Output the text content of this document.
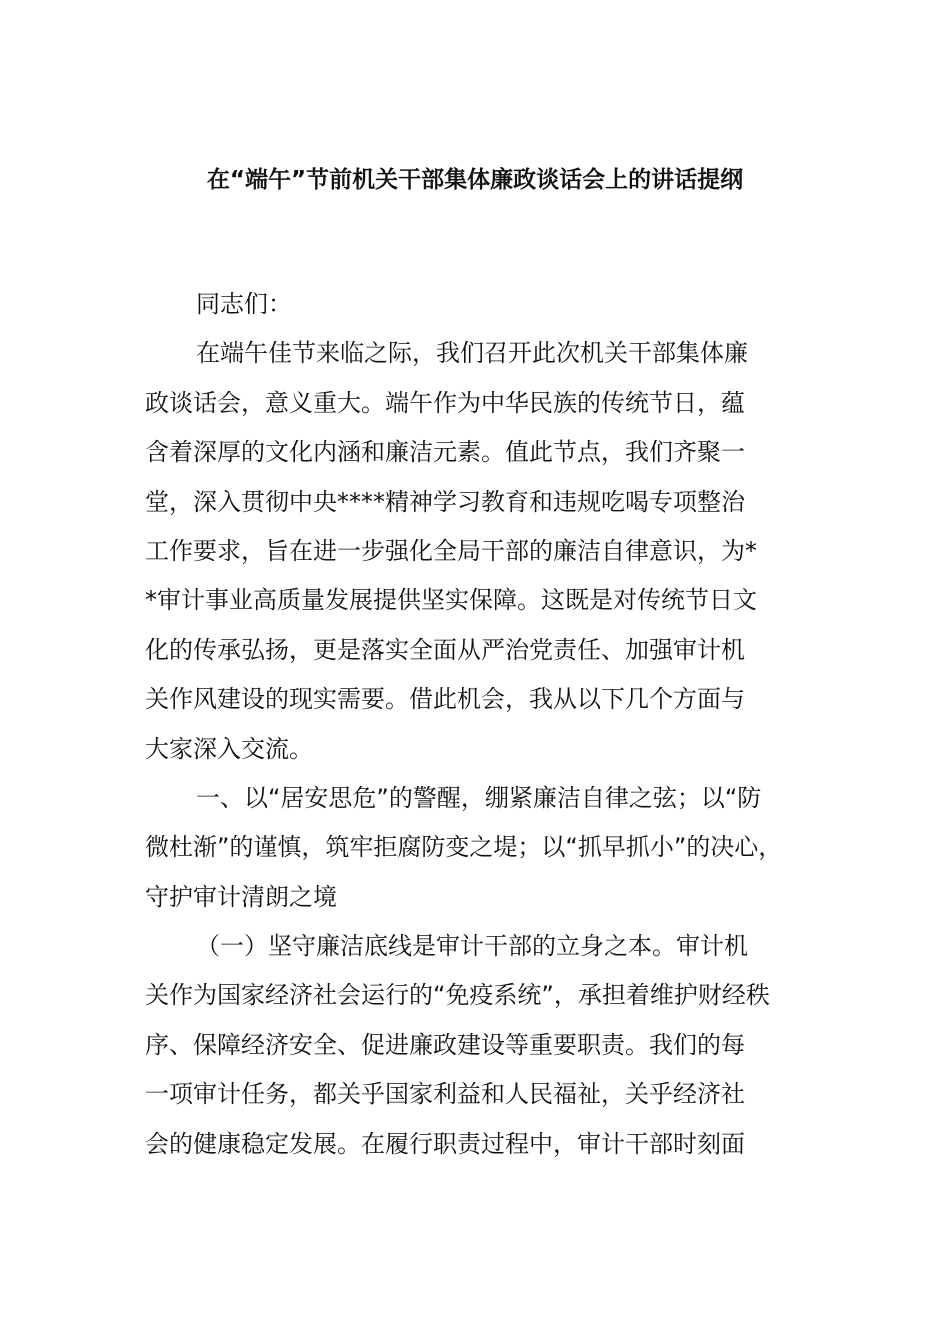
在“端午”节前机关干部集体廉政谈话会上的讲话提纲

同志们：

在端午佳节来临之际，我们召开此次机关干部集体廉

政谈话会，意义重大。端午作为中华民族的传统节日，蕴

含着深厚的文化内涵和廉洁元素。值此节点，我们齐聚一

堂，深入贯彻中央****精神学习教育和违规吃喝专项整治

工作要求，旨在进一步强化全局干部的廉洁自律意识，为*

*审计事业高质量发展提供坚实保障。这既是对传统节日文

化的传承弘扬，更是落实全面从严治党责任、加强审计机

关作风建设的现实需要。借此机会，我从以下几个方面与

大家深入交流。

一、以“居安思危”的警醒，绷紧廉洁自律之弦；以“防

微杜渐”的谨慎，筑牢拒腐防变之堤；以“抓早抓小”的决心，

守护审计清朗之境

（一）坚守廉洁底线是审计干部的立身之本。审计机

关作为国家经济社会运行的“免疫系统”，承担着维护财经秩

序、保障经济安全、促进廉政建设等重要职责。我们的每

一项审计任务，都关乎国家利益和人民福祉，关乎经济社

会的健康稳定发展。在履行职责过程中，审计干部时刻面
